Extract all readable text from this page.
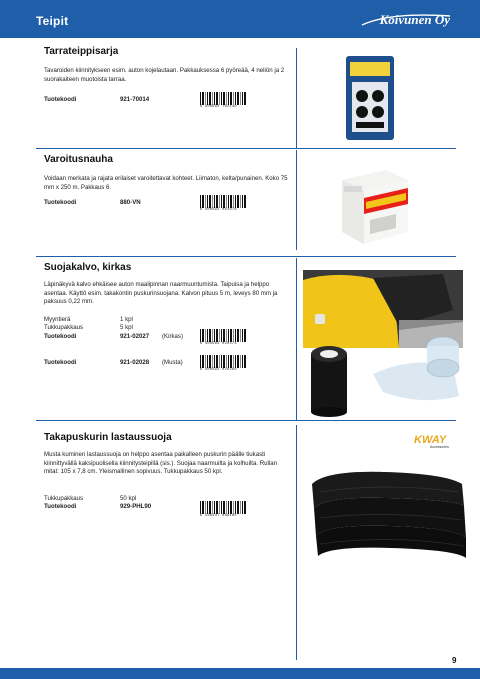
Teipit	Koivunen Oy
Tarrateippisarja
Tavaroiden kiinnitykseen esim. auton kojelautaan. Pakkauksessa 6 pyöreää, 4 neliön ja 2 suorakaiteen muotoista tarraa.
Tuotekoodi	921-70014
6 400692 702140
Varoitusnauha
Voidaan merkata ja rajata erilaiset varoitettavat kohteet. Liimaton, kelta/punainen. Koko 75 mm x 250 m. Pakkaus 6.
Tuotekoodi	880-VN
6 400692 001076
Suojakalvo, kirkas
Läpinäkyvä kalvo ehkäisee auton maalipinnan naarmuuntumista. Taipuisa ja helppo asentaa. Käyttö esim. takakontin puskurinsuojana. Kalvon pituus 5 m, leveys 80 mm ja paksuus 0,22 mm.
Myyntierä	1 kpl
Tukkupakkaus	5 kpl
Tuotekoodi	921-02027 (Kirkas)
6 400692 020273
Tuotekoodi	921-02028 (Musta)
6 400692 020280
Takapuskurin lastaussuoja
Musta kuminen lastaussuoja on helppo asentaa paikalleen puskurin päälle tiukasti kiinnittyvällä kaksipuolisella kiinnitysteipillä (sis.). Suojaa naarmuilta ja kolhuilta. Rullan mitat: 105 x 7,8 cm. Yleismallinen sopivuus. Tukkupakkaus 50 kpl.
Tukkupakkaus	50 kpl
Tuotekoodi	929-PHL90
6 438437 089185
KWAY
Accessories
9
